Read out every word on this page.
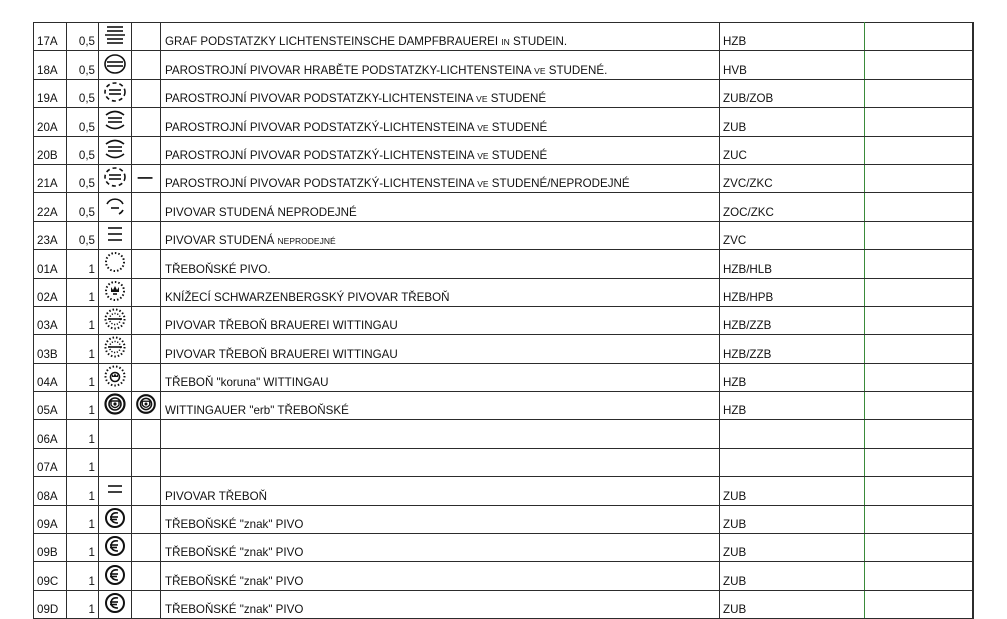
17A	0,5			GRAF PODSTATZKY LICHTENSTEINSCHE DAMPFBRAUEREI IN STUDEIN.	HZB		
18A	0,5			PAROSTROJNÍ PIVOVAR HRABĚTE PODSTATZKY-LICHTENSTEINA VE STUDENÉ.	HVB		
19A	0,5			PAROSTROJNÍ PIVOVAR PODSTATZKY-LICHTENSTEINA VE STUDENÉ	ZUB/ZOB		
20A	0,5			PAROSTROJNÍ PIVOVAR PODSTATZKÝ-LICHTENSTEINA VE STUDENÉ	ZUB		
20B	0,5			PAROSTROJNÍ PIVOVAR PODSTATZKÝ-LICHTENSTEINA VE STUDENÉ	ZUC		
21A	0,5			PAROSTROJNÍ PIVOVAR PODSTATZKÝ-LICHTENSTEINA VE STUDENÉ/NEPRODEJNÉ	ZVC/ZKC		
22A	0,5			PIVOVAR STUDENÁ NEPRODEJNÉ	ZOC/ZKC		
23A	0,5			PIVOVAR STUDENÁ NEPRODEJNÉ	ZVC		
01A	1			TŘEBOŇSKÉ PIVO.	HZB/HLB		
02A	1			KNÍŽECÍ SCHWARZENBERGSKÝ PIVOVAR TŘEBOŇ	HZB/HPB		
03A	1			PIVOVAR TŘEBOŇ BRAUEREI WITTINGAU	HZB/ZZB		
03B	1			PIVOVAR TŘEBOŇ BRAUEREI WITTINGAU	HZB/ZZB		
04A	1			TŘEBOŇ "koruna" WITTINGAU	HZB		
05A	1			WITTINGAUER "erb" TŘEBOŇSKÉ	HZB		
06A	1						
07A	1						
08A	1			PIVOVAR TŘEBOŇ	ZUB		
09A	1			TŘEBOŇSKÉ "znak" PIVO	ZUB		
09B	1			TŘEBOŇSKÉ "znak" PIVO	ZUB		
09C	1			TŘEBOŇSKÉ "znak" PIVO	ZUB		
09D	1			TŘEBOŇSKÉ "znak" PIVO	ZUB		
